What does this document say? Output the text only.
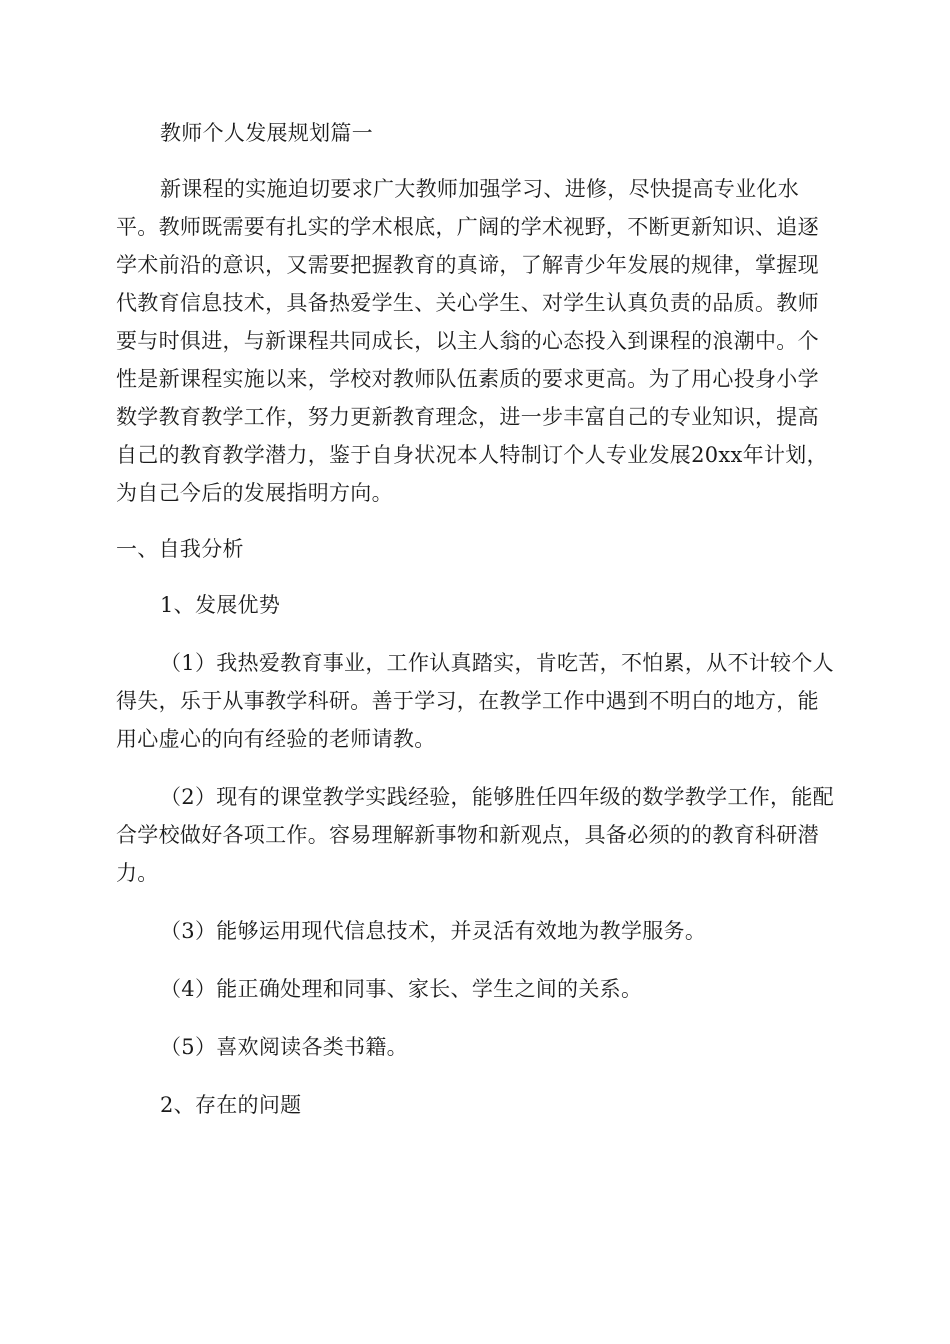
教师个人发展规划篇一

新课程的实施迫切要求广大教师加强学习、进修，尽快提高专业化水平。教师既需要有扎实的学术根底，广阔的学术视野，不断更新知识、追逐学术前沿的意识，又需要把握教育的真谛，了解青少年发展的规律，掌握现代教育信息技术，具备热爱学生、关心学生、对学生认真负责的品质。教师要与时俱进，与新课程共同成长，以主人翁的心态投入到课程的浪潮中。个性是新课程实施以来，学校对教师队伍素质的要求更高。为了用心投身小学数学教育教学工作，努力更新教育理念，进一步丰富自己的专业知识，提高自己的教育教学潜力，鉴于自身状况本人特制订个人专业发展20xx年计划，为自己今后的发展指明方向。

一、自我分析

1、发展优势

（1）我热爱教育事业，工作认真踏实，肯吃苦，不怕累，从不计较个人得失，乐于从事教学科研。善于学习，在教学工作中遇到不明白的地方，能用心虚心的向有经验的老师请教。

（2）现有的课堂教学实践经验，能够胜任四年级的数学教学工作，能配合学校做好各项工作。容易理解新事物和新观点，具备必须的的教育科研潜力。

（3）能够运用现代信息技术，并灵活有效地为教学服务。

（4）能正确处理和同事、家长、学生之间的关系。

（5）喜欢阅读各类书籍。

2、存在的问题
